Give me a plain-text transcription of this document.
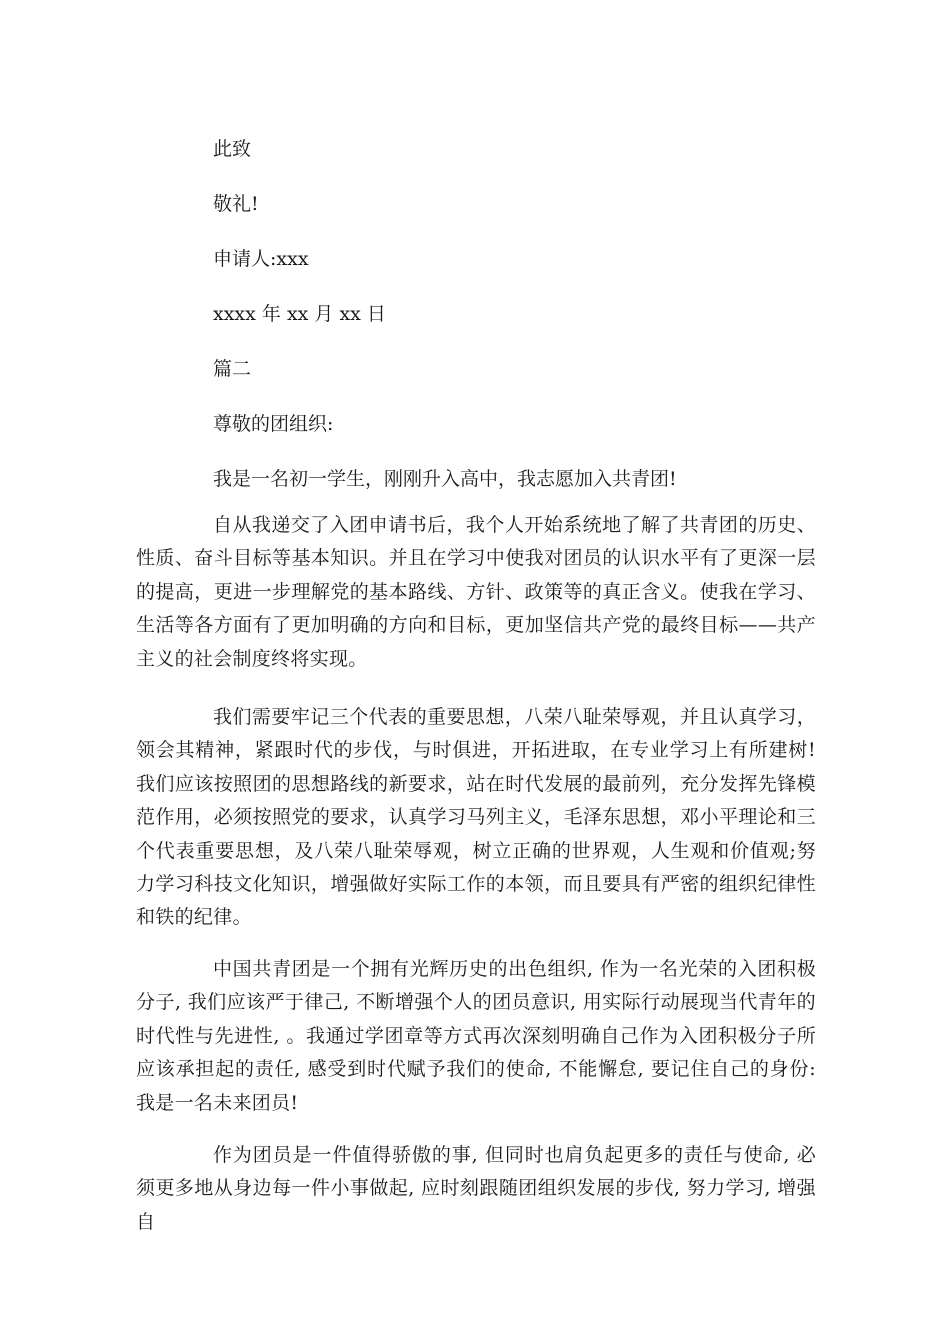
此致
敬礼!
申请人:xxx
xxxx 年 xx 月 xx 日
篇二
尊敬的团组织:
我是一名初一学生，刚刚升入高中，我志愿加入共青团!

自从我递交了入团申请书后，我个人开始系统地了解了共青团的历史、性质、奋斗目标等基本知识。并且在学习中使我对团员的认识水平有了更深一层的提高，更进一步理解党的基本路线、方针、政策等的真正含义。使我在学习、生活等各方面有了更加明确的方向和目标，更加坚信共产党的最终目标——共产主义的社会制度终将实现。

我们需要牢记三个代表的重要思想，八荣八耻荣辱观，并且认真学习，领会其精神，紧跟时代的步伐，与时俱进，开拓进取，在专业学习上有所建树!我们应该按照团的思想路线的新要求，站在时代发展的最前列，充分发挥先锋模范作用，必须按照党的要求，认真学习马列主义，毛泽东思想，邓小平理论和三个代表重要思想，及八荣八耻荣辱观，树立正确的世界观，人生观和价值观;努力学习科技文化知识，增强做好实际工作的本领，而且要具有严密的组织纪律性和铁的纪律。

中国共青团是一个拥有光辉历史的出色组织, 作为一名光荣的入团积极分子, 我们应该严于律己, 不断增强个人的团员意识, 用实际行动展现当代青年的时代性与先进性, 。我通过学团章等方式再次深刻明确自己作为入团积极分子所应该承担起的责任, 感受到时代赋予我们的使命, 不能懈怠, 要记住自己的身份: 我是一名未来团员!

作为团员是一件值得骄傲的事, 但同时也肩负起更多的责任与使命, 必须更多地从身边每一件小事做起, 应时刻跟随团组织发展的步伐, 努力学习, 增强自
